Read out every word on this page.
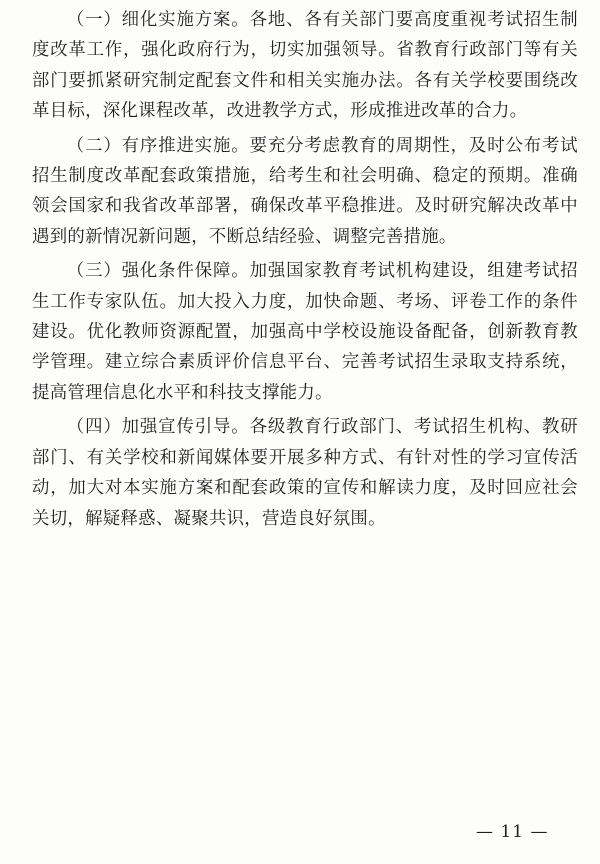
（一）细化实施方案。各地、各有关部门要高度重视考试招生制度改革工作，强化政府行为，切实加强领导。省教育行政部门等有关部门要抓紧研究制定配套文件和相关实施办法。各有关学校要围绕改革目标，深化课程改革，改进教学方式，形成推进改革的合力。

（二）有序推进实施。要充分考虑教育的周期性，及时公布考试招生制度改革配套政策措施，给考生和社会明确、稳定的预期。准确领会国家和我省改革部署，确保改革平稳推进。及时研究解决改革中遇到的新情况新问题，不断总结经验、调整完善措施。

（三）强化条件保障。加强国家教育考试机构建设，组建考试招生工作专家队伍。加大投入力度，加快命题、考场、评卷工作的条件建设。优化教师资源配置，加强高中学校设施设备配备，创新教育教学管理。建立综合素质评价信息平台、完善考试招生录取支持系统，提高管理信息化水平和科技支撑能力。

（四）加强宣传引导。各级教育行政部门、考试招生机构、教研部门、有关学校和新闻媒体要开展多种方式、有针对性的学习宣传活动，加大对本实施方案和配套政策的宣传和解读力度，及时回应社会关切，解疑释惑、凝聚共识，营造良好氛围。

— 11 —
